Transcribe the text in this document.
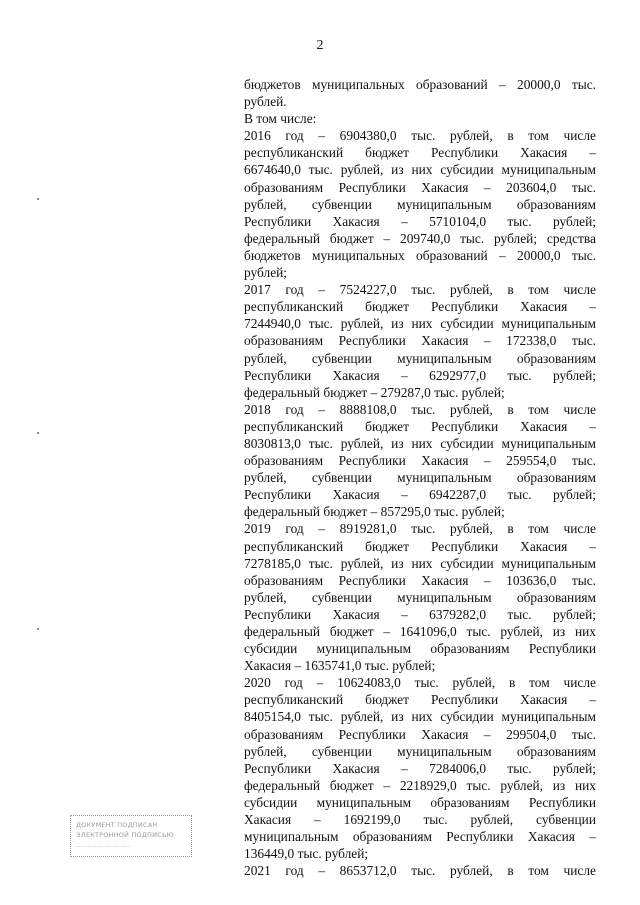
2
бюджетов муниципальных образований – 20000,0 тыс.
рублей.
В том числе:
2016 год – 6904380,0 тыс. рублей, в том числе
республиканский бюджет Республики Хакасия –
6674640,0 тыс. рублей, из них субсидии муниципальным
образованиям Республики Хакасия – 203604,0 тыс.
рублей, субвенции муниципальным образованиям
Республики Хакасия – 5710104,0 тыс. рублей;
федеральный бюджет – 209740,0 тыс. рублей; средства
бюджетов муниципальных образований – 20000,0 тыс.
рублей;
2017 год – 7524227,0 тыс. рублей, в том числе
республиканский бюджет Республики Хакасия –
7244940,0 тыс. рублей, из них субсидии муниципальным
образованиям Республики Хакасия – 172338,0 тыс.
рублей, субвенции муниципальным образованиям
Республики Хакасия – 6292977,0 тыс. рублей;
федеральный бюджет – 279287,0 тыс. рублей;
2018 год – 8888108,0 тыс. рублей, в том числе
республиканский бюджет Республики Хакасия –
8030813,0 тыс. рублей, из них субсидии муниципальным
образованиям Республики Хакасия – 259554,0 тыс.
рублей, субвенции муниципальным образованиям
Республики Хакасия – 6942287,0 тыс. рублей;
федеральный бюджет – 857295,0 тыс. рублей;
2019 год – 8919281,0 тыс. рублей, в том числе
республиканский бюджет Республики Хакасия –
7278185,0 тыс. рублей, из них субсидии муниципальным
образованиям Республики Хакасия – 103636,0 тыс.
рублей, субвенции муниципальным образованиям
Республики Хакасия – 6379282,0 тыс. рублей;
федеральный бюджет – 1641096,0 тыс. рублей, из них
субсидии муниципальным образованиям Республики
Хакасия – 1635741,0 тыс. рублей;
2020 год – 10624083,0 тыс. рублей, в том числе
республиканский бюджет Республики Хакасия –
8405154,0 тыс. рублей, из них субсидии муниципальным
образованиям Республики Хакасия – 299504,0 тыс.
рублей, субвенции муниципальным образованиям
Республики Хакасия – 7284006,0 тыс. рублей;
федеральный бюджет – 2218929,0 тыс. рублей, из них
субсидии муниципальным образованиям Республики
Хакасия – 1692199,0 тыс. рублей, субвенции
муниципальным образованиям Республики Хакасия –
136449,0 тыс. рублей;
2021 год – 8653712,0 тыс. рублей, в том числе
ДОКУМЕНТ ПОДПИСАН
ЭЛЕКТРОННОЙ ПОДПИСЬЮ
........................
